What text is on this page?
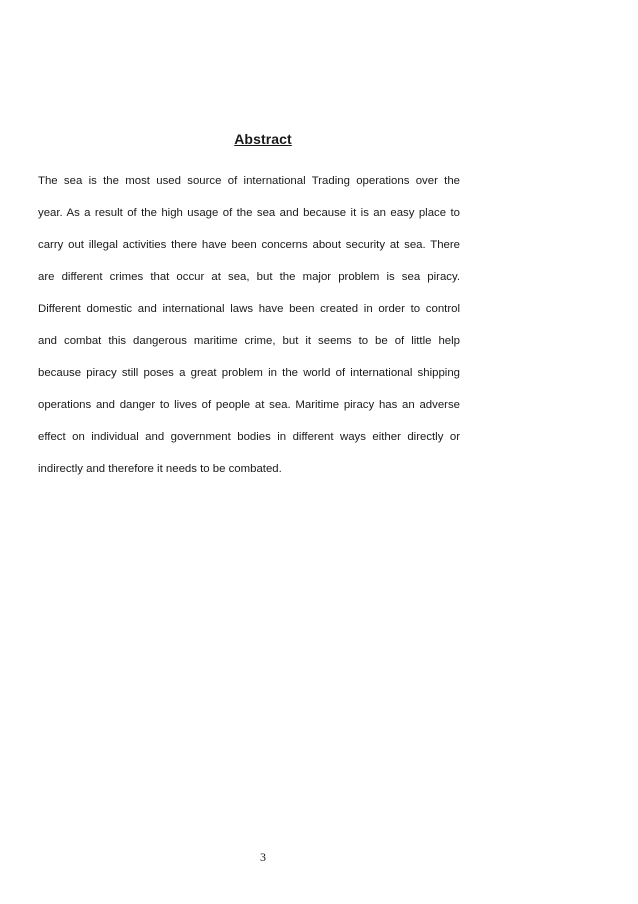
Abstract
The sea is the most used source of international Trading operations over the
year. As a result of the high usage of the sea and because it is an easy place to
carry out illegal activities there have been concerns about security at sea. There
are different crimes that occur at sea, but the major problem is sea piracy.
Different domestic and international laws have been created in order to control
and combat this dangerous maritime crime, but it seems to be of little help
because piracy still poses a great problem in the world of international shipping
operations and danger to lives of people at sea. Maritime piracy has an adverse
effect on individual and government bodies in different ways either directly or
indirectly and therefore it needs to be combated.
3
